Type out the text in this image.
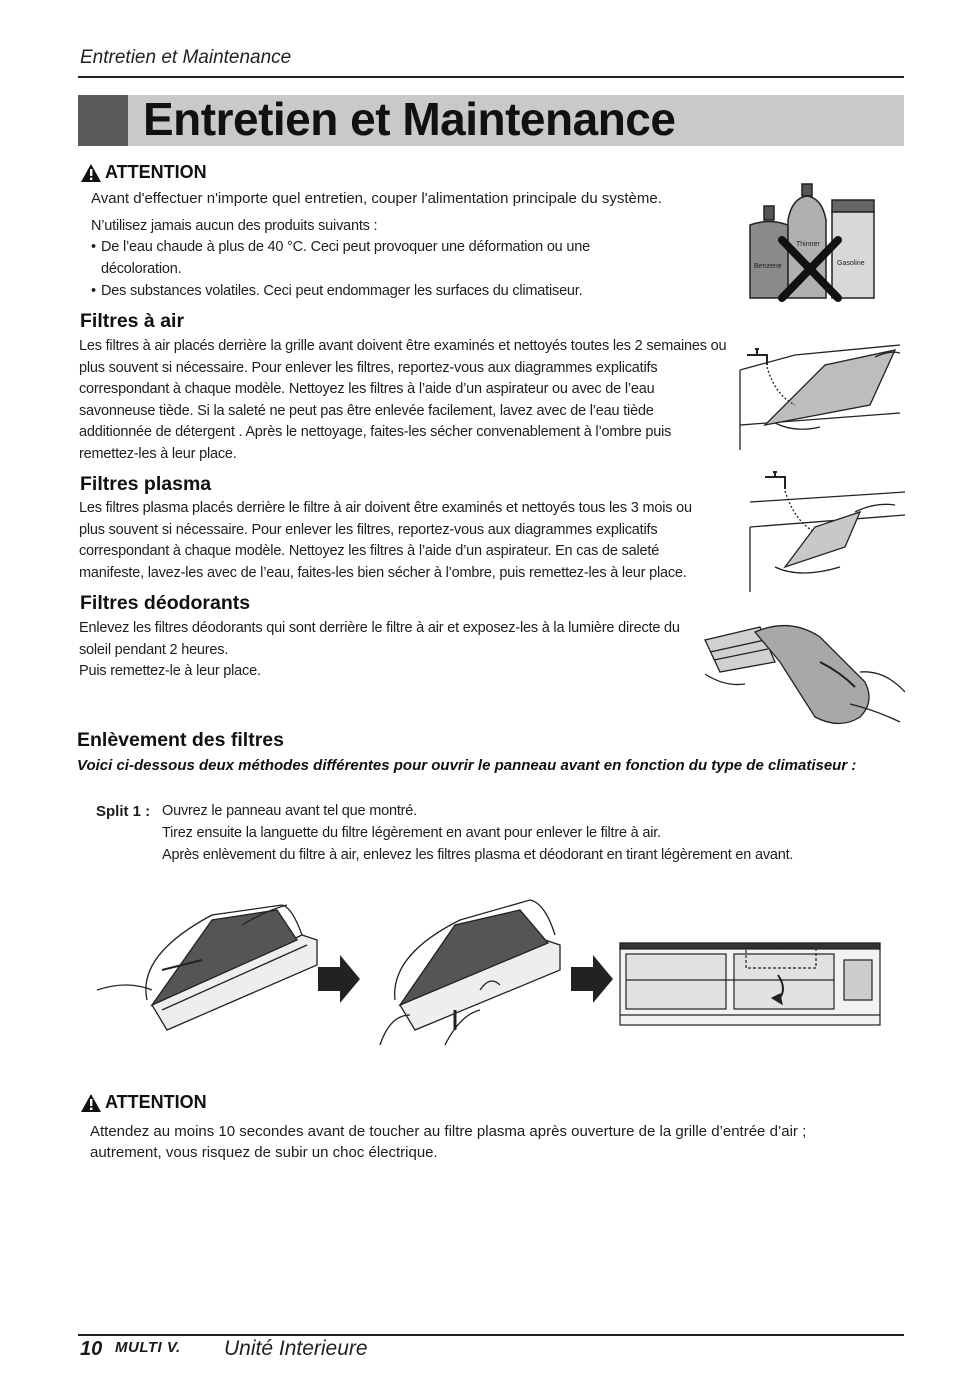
Entretien et Maintenance
Entretien et Maintenance
ATTENTION
Avant d'effectuer n'importe quel entretien, couper l'alimentation principale du système.
N’utilisez jamais aucun des produits suivants :
• De l’eau chaude à plus de 40 °C. Ceci peut provoquer une déformation ou une décoloration.
• Des substances volatiles. Ceci peut endommager les surfaces du climatiseur.
Benzene
Thinner
Gasoline
Filtres à air
Les filtres à air placés derrière la grille avant doivent être examinés et nettoyés toutes les 2 semaines ou plus souvent si nécessaire. Pour enlever les filtres, reportez-vous aux diagrammes explicatifs correspondant à chaque modèle. Nettoyez les filtres à l’aide d’un aspirateur ou avec de l’eau savonneuse tiède. Si la saleté ne peut pas être enlevée facilement, lavez avec de l’eau tiède additionnée de détergent . Après le nettoyage, faites-les sécher convenablement à l’ombre puis remettez-les à leur place.
Filtres plasma
Les filtres plasma placés derrière le filtre à air doivent être examinés et nettoyés tous les 3 mois ou plus souvent si nécessaire. Pour enlever les filtres, reportez-vous aux diagrammes explicatifs correspondant à chaque modèle. Nettoyez les filtres à l’aide d’un aspirateur. En cas de saleté manifeste, lavez-les avec de l’eau, faites-les bien sécher à l’ombre, puis remettez-les à leur place.
Filtres déodorants
Enlevez les filtres déodorants qui sont derrière le filtre à air et exposez-les à la lumière directe du soleil pendant 2 heures.
Puis remettez-le à leur place.
Enlèvement des filtres
Voici ci-dessous deux méthodes différentes pour ouvrir le panneau avant en fonction du type de climatiseur :
Split 1 : Ouvrez le panneau avant tel que montré.
Tirez ensuite la languette du filtre légèrement en avant pour enlever le filtre à air.
Après enlèvement du filtre à air, enlevez les filtres plasma et déodorant en tirant légèrement en avant.
ATTENTION
Attendez au moins 10 secondes avant de toucher au filtre plasma après ouverture de la grille d’entrée d’air ; autrement, vous risquez de subir un choc électrique.
10 MULTI V. Unité Interieure
